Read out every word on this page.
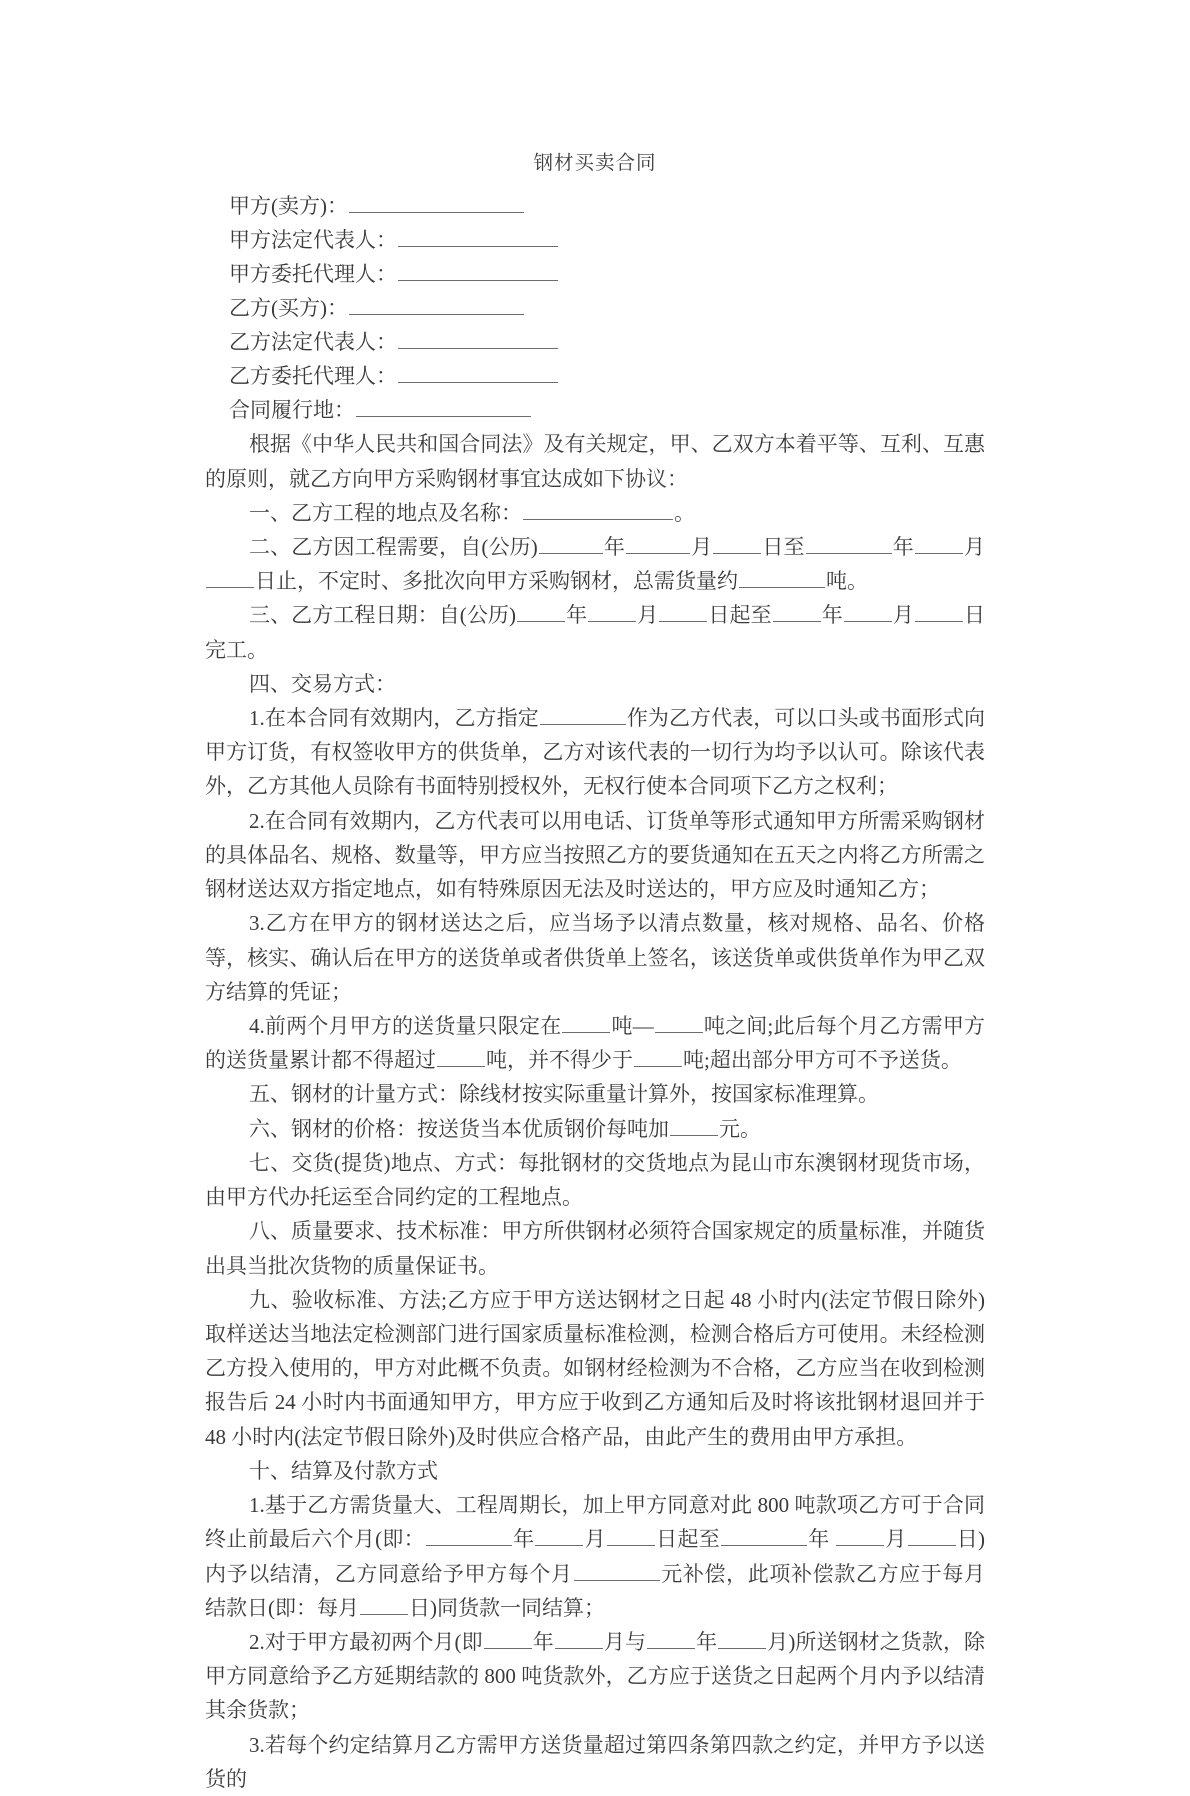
钢材买卖合同
甲方(卖方)：
甲方法定代表人：
甲方委托代理人：
乙方(买方)：
乙方法定代表人：
乙方委托代理人：
合同履行地：

根据《中华人民共和国合同法》及有关规定，甲、乙双方本着平等、互利、互惠的原则，就乙方向甲方采购钢材事宜达成如下协议：

一、乙方工程的地点及名称：	。

二、乙方因工程需要，自(公历)	年	月 日至	年 月日止，不定时、多批次向甲方采购钢材，总需货量约	吨。

三、乙方工程日期：自(公历) 年 月 日起至 年 月 日完工。

四、交易方式：

1.在本合同有效期内，乙方指定	作为乙方代表，可以口头或书面形式向甲方订货，有权签收甲方的供货单，乙方对该代表的一切行为均予以认可。除该代表外，乙方其他人员除有书面特别授权外，无权行使本合同项下乙方之权利；

2.在合同有效期内，乙方代表可以用电话、订货单等形式通知甲方所需采购钢材的具体品名、规格、数量等，甲方应当按照乙方的要货通知在五天之内将乙方所需之钢材送达双方指定地点，如有特殊原因无法及时送达的，甲方应及时通知乙方；

3.乙方在甲方的钢材送达之后，应当场予以清点数量，核对规格、品名、价格等，核实、确认后在甲方的送货单或者供货单上签名，该送货单或供货单作为甲乙双方结算的凭证；

4.前两个月甲方的送货量只限定在 吨— 吨之间;此后每个月乙方需甲方的送货量累计都不得超过 吨，并不得少于 吨;超出部分甲方可不予送货。

五、钢材的计量方式：除线材按实际重量计算外，按国家标准理算。

六、钢材的价格：按送货当本优质钢价每吨加 元。

七、交货(提货)地点、方式：每批钢材的交货地点为昆山市东澳钢材现货市场，由甲方代办托运至合同约定的工程地点。

八、质量要求、技术标准：甲方所供钢材必须符合国家规定的质量标准，并随货出具当批次货物的质量保证书。

九、验收标准、方法;乙方应于甲方送达钢材之日起 48 小时内(法定节假日除外)取样送达当地法定检测部门进行国家质量标准检测，检测合格后方可使用。未经检测乙方投入使用的，甲方对此概不负责。如钢材经检测为不合格，乙方应当在收到检测报告后 24 小时内书面通知甲方，甲方应于收到乙方通知后及时将该批钢材退回并于 48 小时内(法定节假日除外)及时供应合格产品，由此产生的费用由甲方承担。

十、结算及付款方式

1.基于乙方需货量大、工程周期长，加上甲方同意对此 800 吨款项乙方可于合同终止前最后六个月(即：	年 月 日起至	年 月 日)内予以结清，乙方同意给予甲方每个月	元补偿，此项补偿款乙方应于每月结款日(即：每月 日)同货款一同结算；

2.对于甲方最初两个月(即 年 月与 年 月)所送钢材之货款，除甲方同意给予乙方延期结款的 800 吨货款外，乙方应于送货之日起两个月内予以结清其余货款；

3.若每个约定结算月乙方需甲方送货量超过第四条第四款之约定，并甲方予以送货的
